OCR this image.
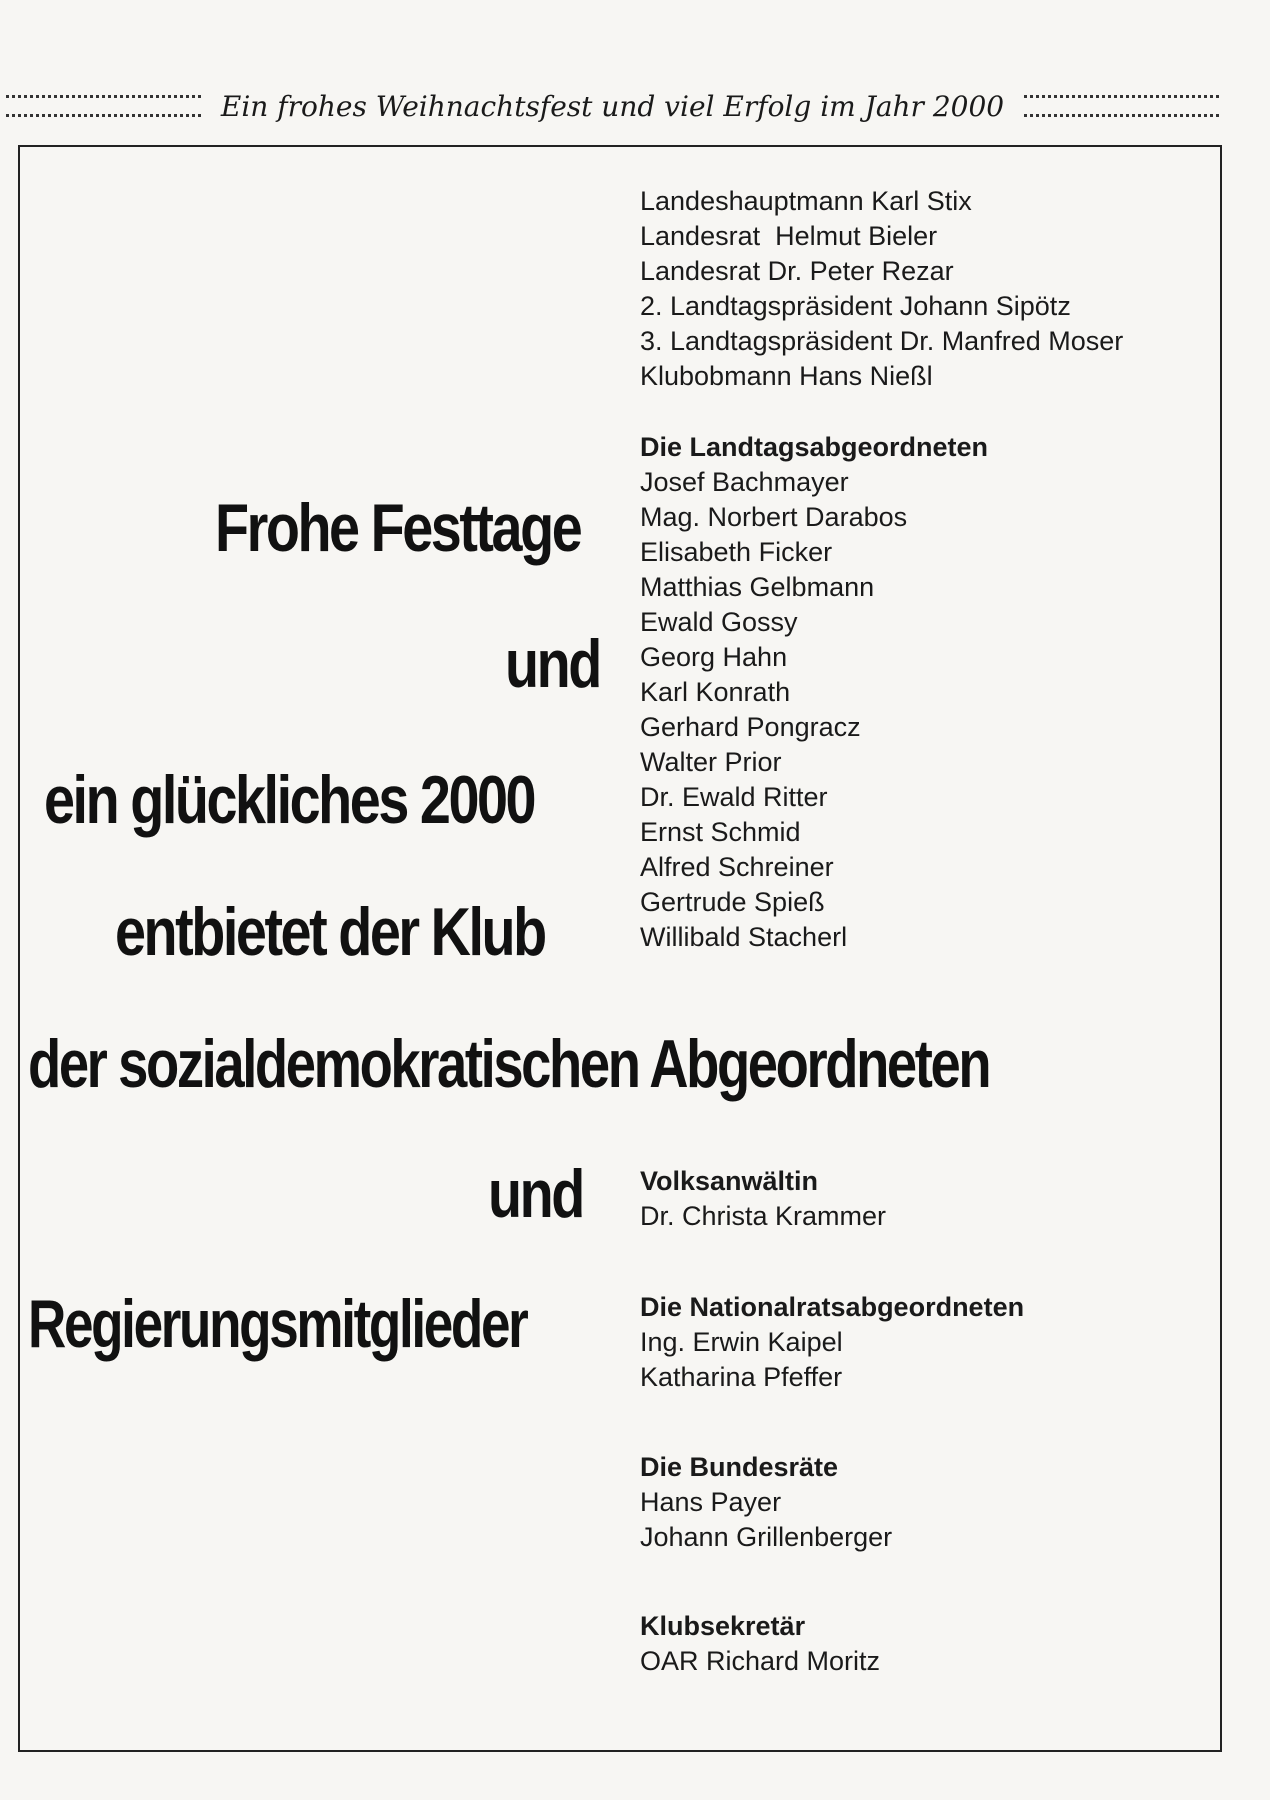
Ein frohes Weihnachtsfest und viel Erfolg im Jahr 2000
Frohe Festtage
und
ein glückliches 2000
entbietet der Klub
der sozialdemokratischen Abgeordneten
und
Regierungsmitglieder
Landeshauptmann Karl Stix
Landesrat  Helmut Bieler
Landesrat Dr. Peter Rezar
2. Landtagspräsident Johann Sipötz
3. Landtagspräsident Dr. Manfred Moser
Klubobmann Hans Nießl
Die Landtagsabgeordneten
Josef Bachmayer
Mag. Norbert Darabos
Elisabeth Ficker
Matthias Gelbmann
Ewald Gossy
Georg Hahn
Karl Konrath
Gerhard Pongracz
Walter Prior
Dr. Ewald Ritter
Ernst Schmid
Alfred Schreiner
Gertrude Spieß
Willibald Stacherl
Volksanwältin
Dr. Christa Krammer
Die Nationalratsabgeordneten
Ing. Erwin Kaipel
Katharina Pfeffer
Die Bundesräte
Hans Payer
Johann Grillenberger
Klubsekretär
OAR Richard Moritz
